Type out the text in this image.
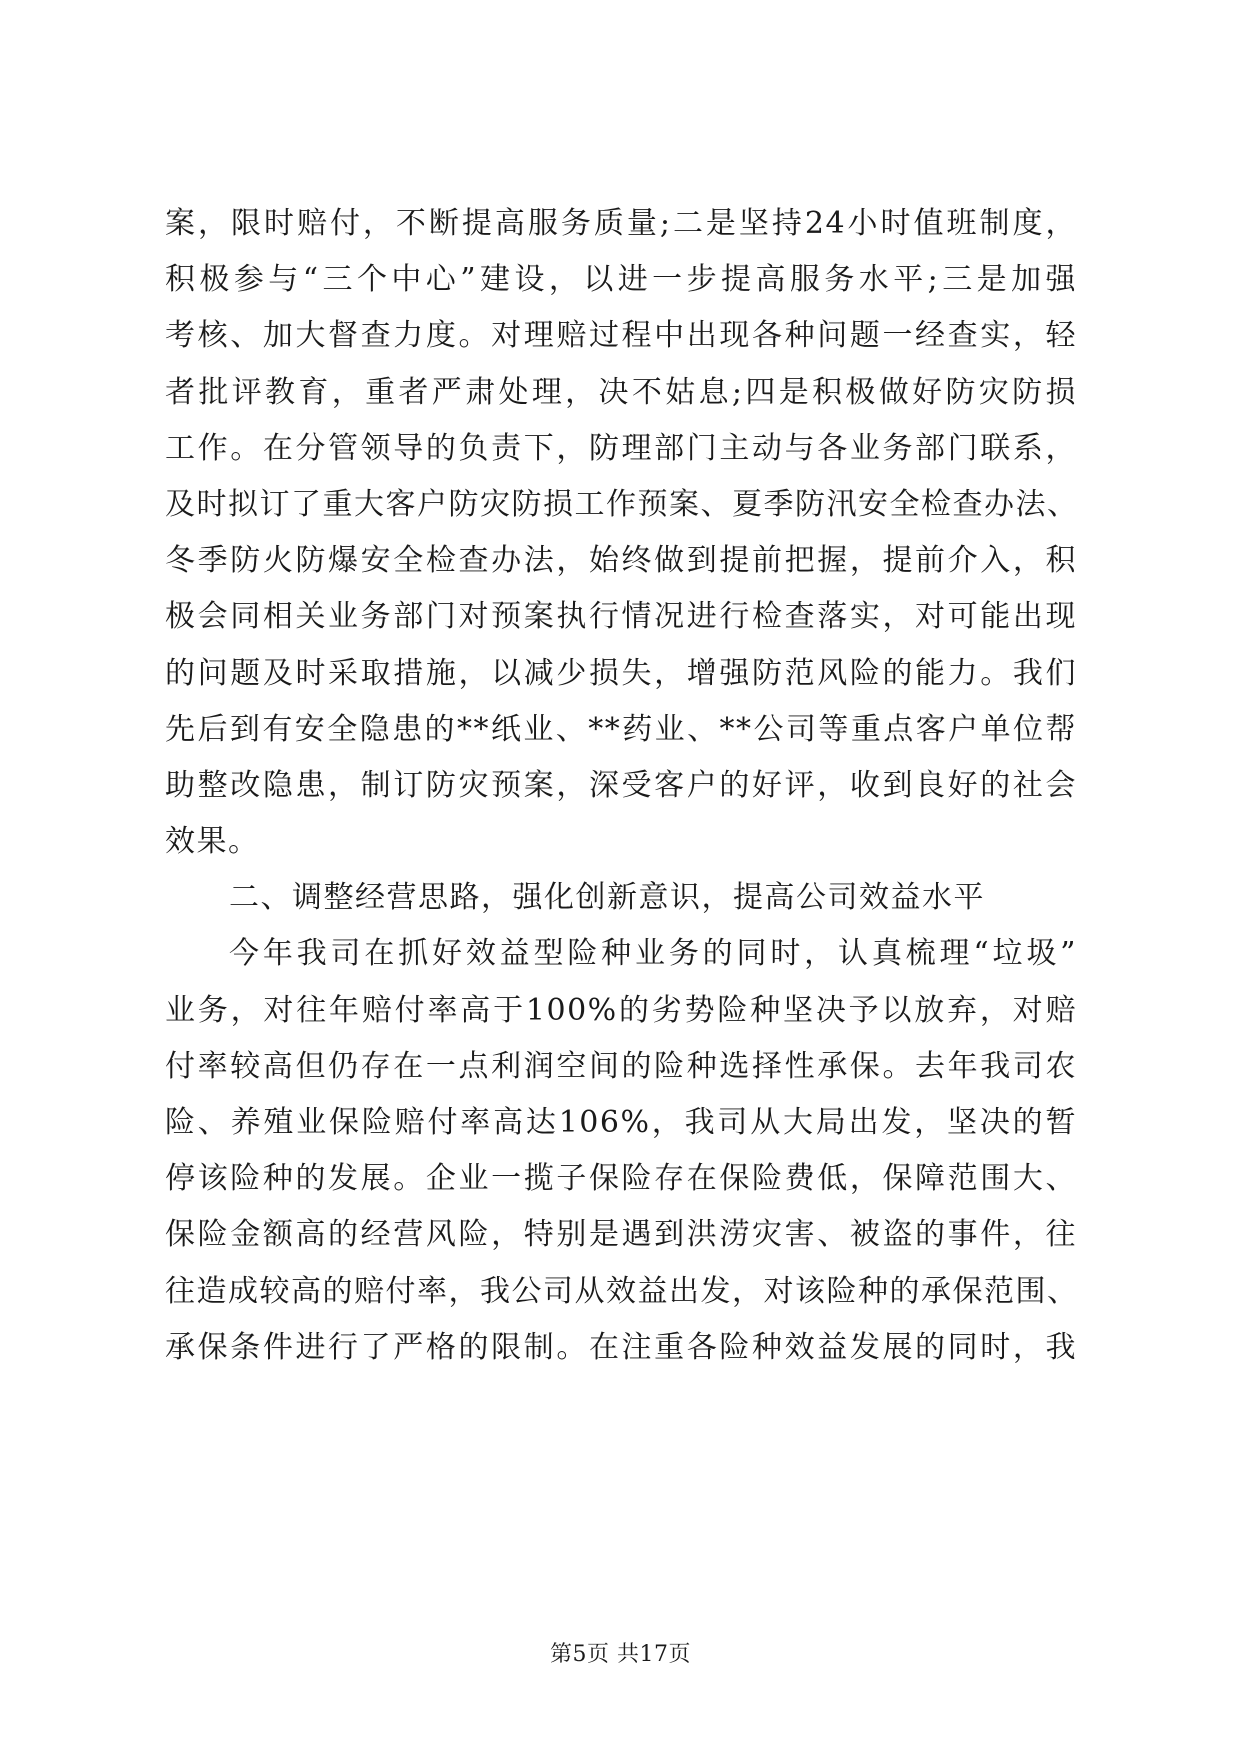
案，限时赔付，不断提高服务质量;二是坚持24小时值班制度，
积极参与“三个中心”建设，以进一步提高服务水平;三是加强
考核、加大督查力度。对理赔过程中出现各种问题一经查实，轻
者批评教育，重者严肃处理，决不姑息;四是积极做好防灾防损
工作。在分管领导的负责下，防理部门主动与各业务部门联系，
及时拟订了重大客户防灾防损工作预案、夏季防汛安全检查办法、
冬季防火防爆安全检查办法，始终做到提前把握，提前介入，积
极会同相关业务部门对预案执行情况进行检查落实，对可能出现
的问题及时采取措施，以减少损失，增强防范风险的能力。我们
先后到有安全隐患的**纸业、**药业、**公司等重点客户单位帮
助整改隐患，制订防灾预案，深受客户的好评，收到良好的社会
效果。
二、调整经营思路，强化创新意识，提高公司效益水平
今年我司在抓好效益型险种业务的同时，认真梳理“垃圾”
业务，对往年赔付率高于100%的劣势险种坚决予以放弃，对赔
付率较高但仍存在一点利润空间的险种选择性承保。去年我司农
险、养殖业保险赔付率高达106%，我司从大局出发，坚决的暂
停该险种的发展。企业一揽子保险存在保险费低，保障范围大、
保险金额高的经营风险，特别是遇到洪涝灾害、被盗的事件，往
往造成较高的赔付率，我公司从效益出发，对该险种的承保范围、
承保条件进行了严格的限制。在注重各险种效益发展的同时，我
第5页 共17页
